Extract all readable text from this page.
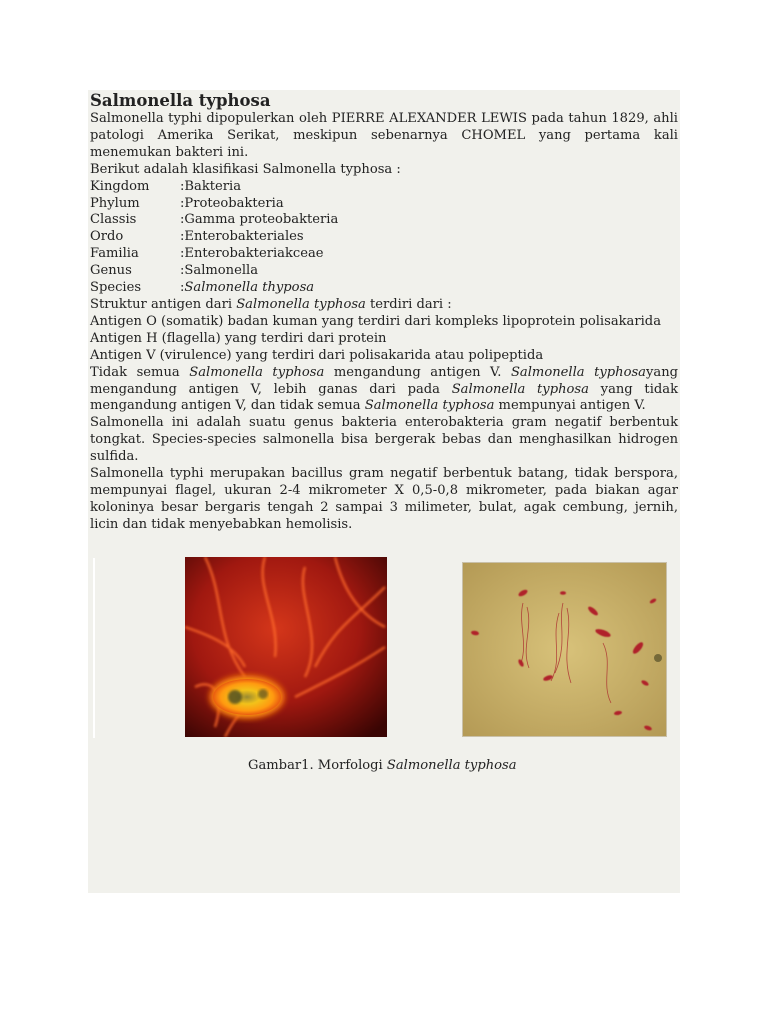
Salmonella typhosa

Salmonella typhi dipopulerkan oleh PIERRE ALEXANDER LEWIS pada tahun 1829, ahli patologi Amerika Serikat, meskipun sebenarnya CHOMEL yang pertama kali menemukan bakteri ini.

Berikut adalah klasifikasi Salmonella typhosa :

Kingdom	:Bakteria
Phylum	:Proteobakteria
Classis	:Gamma proteobakteria
Ordo	:Enterobakteriales
Familia	:Enterobakteriakceae
Genus	:Salmonella
Species	:Salmonella thyposa

Struktur antigen dari Salmonella typhosa terdiri dari :

Antigen O (somatik) badan kuman yang terdiri dari kompleks lipoprotein polisakarida

Antigen H (flagella) yang terdiri dari protein

Antigen V (virulence) yang terdiri dari polisakarida atau polipeptida

Tidak semua Salmonella typhosa mengandung antigen V. Salmonella typhosayang mengandung antigen V, lebih ganas dari pada Salmonella typhosa yang tidak mengandung antigen V, dan tidak semua Salmonella typhosa mempunyai antigen V.

Salmonella ini adalah suatu genus bakteria enterobakteria gram negatif berbentuk tongkat. Species-species salmonella bisa bergerak bebas dan menghasilkan hidrogen sulfida.

Salmonella typhi merupakan bacillus gram negatif berbentuk batang, tidak berspora, mempunyai flagel, ukuran 2-4 mikrometer X 0,5-0,8 mikrometer, pada biakan agar koloninya besar bergaris tengah 2 sampai 3 milimeter, bulat, agak cembung, jernih, licin dan tidak menyebabkan hemolisis.

Gambar1. Morfologi Salmonella typhosa
